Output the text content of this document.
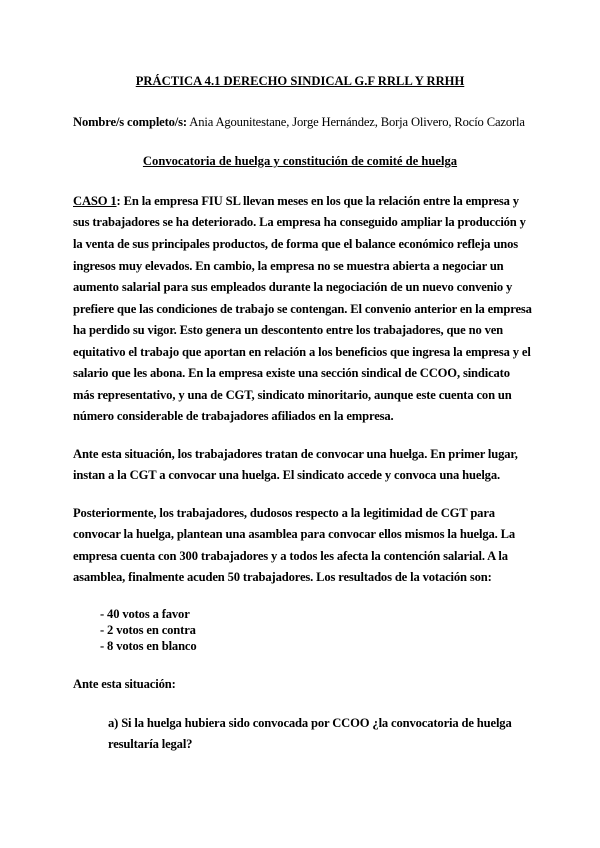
PRÁCTICA 4.1 DERECHO SINDICAL G.F RRLL Y RRHH
Nombre/s completo/s: Ania Agounitestane, Jorge Hernández, Borja Olivero, Rocío Cazorla
Convocatoria de huelga y constitución de comité de huelga
CASO 1: En la empresa FIU SL llevan meses en los que la relación entre la empresa y
sus trabajadores se ha deteriorado. La empresa ha conseguido ampliar la producción y
la venta de sus principales productos, de forma que el balance económico refleja unos
ingresos muy elevados. En cambio, la empresa no se muestra abierta a negociar un
aumento salarial para sus empleados durante la negociación de un nuevo convenio y
prefiere que las condiciones de trabajo se contengan. El convenio anterior en la empresa
ha perdido su vigor. Esto genera un descontento entre los trabajadores, que no ven
equitativo el trabajo que aportan en relación a los beneficios que ingresa la empresa y el
salario que les abona. En la empresa existe una sección sindical de CCOO, sindicato
más representativo, y una de CGT, sindicato minoritario, aunque este cuenta con un
número considerable de trabajadores afiliados en la empresa.
Ante esta situación, los trabajadores tratan de convocar una huelga. En primer lugar,
instan a la CGT a convocar una huelga. El sindicato accede y convoca una huelga.
Posteriormente, los trabajadores, dudosos respecto a la legitimidad de CGT para
convocar la huelga, plantean una asamblea para convocar ellos mismos la huelga. La
empresa cuenta con 300 trabajadores y a todos les afecta la contención salarial. A la
asamblea, finalmente acuden 50 trabajadores. Los resultados de la votación son:
- 40 votos a favor
- 2 votos en contra
- 8 votos en blanco
Ante esta situación:
a) Si la huelga hubiera sido convocada por CCOO ¿la convocatoria de huelga
resultaría legal?
